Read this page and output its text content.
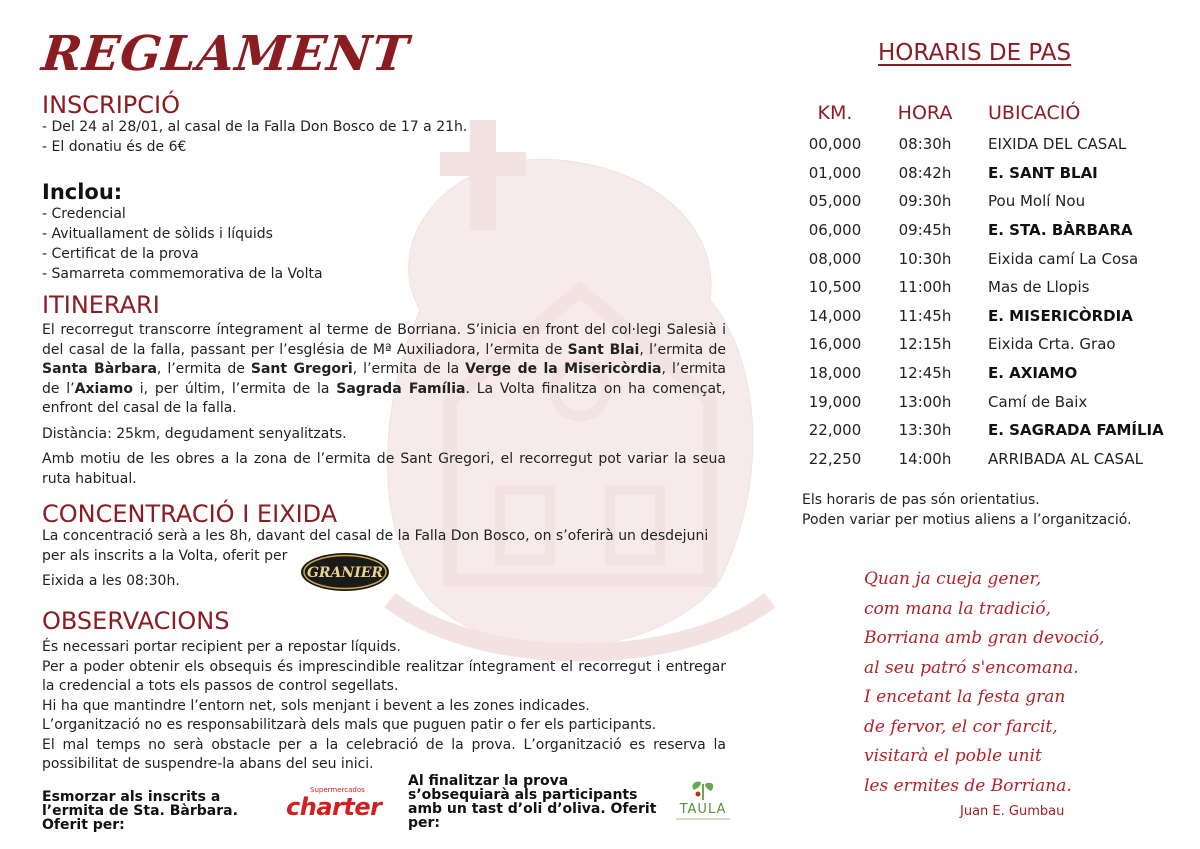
REGLAMENT
INSCRIPCIÓ

- Del 24 al 28/01, al casal de la Falla Don Bosco de 17 a 21h.

- El donatiu és de 6€

Inclou:
- Credencial
- Avituallament de sòlids i líquids
- Certificat de la prova
- Samarreta commemorativa de la Volta
ITINERARI

El recorregut transcorre íntegrament al terme de Borriana. S’inicia en front del col·legi Salesià i del casal de la falla, passant per l’església de Mª Auxiliadora, l’ermita de Sant Blai, l’ermita de Santa Bàrbara, l’ermita de Sant Gregori, l’ermita de la Verge de la Misericòrdia, l’ermita de l’Axiamo i, per últim, l’ermita de la Sagrada Família. La Volta finalitza on ha començat, enfront del casal de la falla.

Distància: 25km, degudament senyalitzats.

Amb motiu de les obres a la zona de l’ermita de Sant Gregori, el recorregut pot variar la seua ruta habitual.

CONCENTRACIÓ I EIXIDA

La concentració serà a les 8h, davant del casal de la Falla Don Bosco, on s’oferirà un desdejuni per als inscrits a la Volta, oferit per

Eixida a les 08:30h.	GRANIER
OBSERVACIONS

És necessari portar recipient per a repostar líquids.

Per a poder obtenir els obsequis és imprescindible realitzar íntegrament el recorregut i entregar la credencial a tots els passos de control segellats.

Hi ha que mantindre l’entorn net, sols menjant i bevent a les zones indicades.

L’organització no es responsabilitzarà dels mals que puguen patir o fer els participants.

El mal temps no serà obstacle per a la celebració de la prova. L’organització es reserva la possibilitat de suspendre-la abans del seu inici.

Esmorzar als inscrits a l’ermita de Sta. Bàrbara. Oferit per:

Supermercados
charter

Al finalitzar la prova s’obsequiarà als participants amb un tast d’oli d’oliva. Oferit per:

TAULA
HORARIS DE PAS
KM.	HORA	UBICACIÓ
00,000	08:30h	EIXIDA DEL CASAL
01,000	08:42h	E. SANT BLAI
05,000	09:30h	Pou Molí Nou
06,000	09:45h	E. STA. BÀRBARA
08,000	10:30h	Eixida camí La Cosa
10,500	11:00h	Mas de Llopis
14,000	11:45h	E. MISERICÒRDIA
16,000	12:15h	Eixida Crta. Grao
18,000	12:45h	E. AXIAMO
19,000	13:00h	Camí de Baix
22,000	13:30h	E. SAGRADA FAMÍLIA
22,250	14:00h	ARRIBADA AL CASAL
Els horaris de pas són orientatius.
Poden variar per motius aliens a l’organització.
Quan ja cueja gener,
com mana la tradició,
Borriana amb gran devoció,
al seu patró s'encomana.
I encetant la festa gran
de fervor, el cor farcit,
visitarà el poble unit
les ermites de Borriana.

Juan E. Gumbau
